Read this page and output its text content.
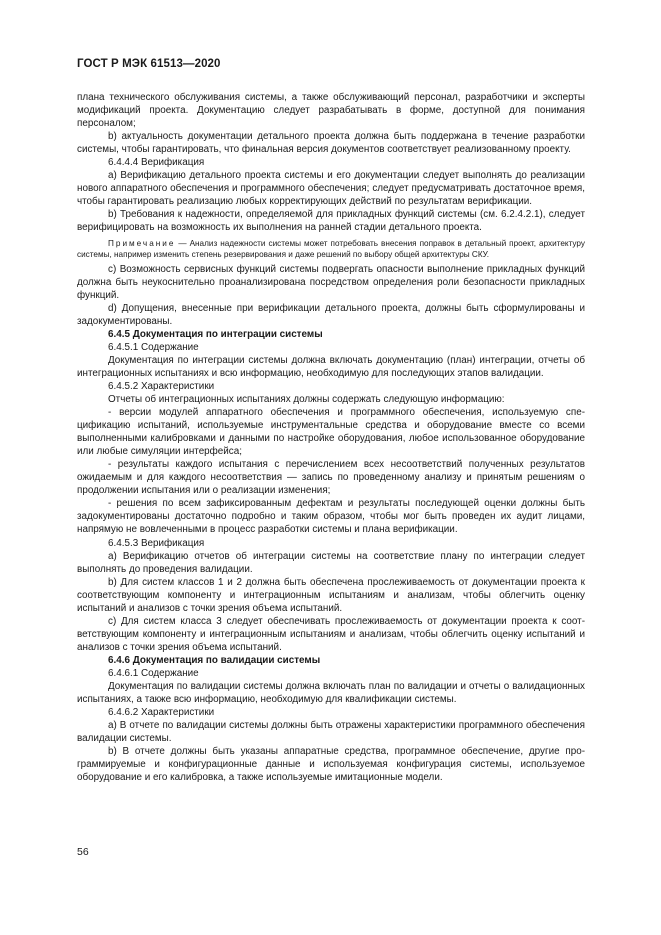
ГОСТ Р МЭК 61513—2020

плана технического обслуживания системы, а также обслуживающий персонал, разработчики и эксперты модификаций проекта. Документацию следует разрабатывать в форме, доступной для понимания персоналом;

b) актуальность документации детального проекта должна быть поддержана в течение разработки системы, чтобы гарантировать, что финальная версия документов соответствует реализованному проекту.

6.4.4.4 Верификация

a) Верификацию детального проекта системы и его документации следует выполнять до реализации нового аппаратного обеспечения и программного обеспечения; следует предусматривать достаточное время, чтобы гарантировать реализацию любых корректирующих действий по результатам верификации.

b) Требования к надежности, определяемой для прикладных функций системы (см. 6.2.4.2.1), следует верифицировать на возможность их выполнения на ранней стадии детального проекта.

Примечание — Анализ надежности системы может потребовать внесения поправок в детальный проект, архитектуру системы, например изменить степень резервирования и даже решений по выбору общей архитектуры СКУ.

c) Возможность сервисных функций системы подвергать опасности выполнение прикладных функций должна быть неукоснительно проанализирована посредством определения роли безопасности прикладных функций.

d) Допущения, внесенные при верификации детального проекта, должны быть сформулированы и задокументированы.

6.4.5 Документация по интеграции системы

6.4.5.1 Содержание

Документация по интеграции системы должна включать документацию (план) интеграции, отчеты об интеграционных испытаниях и всю информацию, необходимую для последующих этапов валидации.

6.4.5.2 Характеристики

Отчеты об интеграционных испытаниях должны содержать следующую информацию:

- версии модулей аппаратного обеспечения и программного обеспечения, используемую спецификацию испытаний, используемые инструментальные средства и оборудование вместе со всеми выполненными калибровками и данными по настройке оборудования, любое использованное оборудование или любые симуляции интерфейса;

- результаты каждого испытания с перечислением всех несоответствий полученных результатов ожидаемым и для каждого несоответствия — запись по проведенному анализу и принятым решениям о продолжении испытания или о реализации изменения;

- решения по всем зафиксированным дефектам и результаты последующей оценки должны быть задокументированы достаточно подробно и таким образом, чтобы мог быть проведен их аудит лицами, напрямую не вовлеченными в процесс разработки системы и плана верификации.

6.4.5.3 Верификация

a) Верификацию отчетов об интеграции системы на соответствие плану по интеграции следует выполнять до проведения валидации.

b) Для систем классов 1 и 2 должна быть обеспечена прослеживаемость от документации проекта к соответствующим компоненту и интеграционным испытаниям и анализам, чтобы облегчить оценку испытаний и анализов с точки зрения объема испытаний.

c) Для систем класса 3 следует обеспечивать прослеживаемость от документации проекта к соответствующим компоненту и интеграционным испытаниям и анализам, чтобы облегчить оценку испытаний и анализов с точки зрения объема испытаний.

6.4.6 Документация по валидации системы

6.4.6.1 Содержание

Документация по валидации системы должна включать план по валидации и отчеты о валидационных испытаниях, а также всю информацию, необходимую для квалификации системы.

6.4.6.2 Характеристики

a) В отчете по валидации системы должны быть отражены характеристики программного обеспечения валидации системы.

b) В отчете должны быть указаны аппаратные средства, программное обеспечение, другие программируемые и конфигурационные данные и используемая конфигурация системы, используемое оборудование и его калибровка, а также используемые имитационные модели.

56
